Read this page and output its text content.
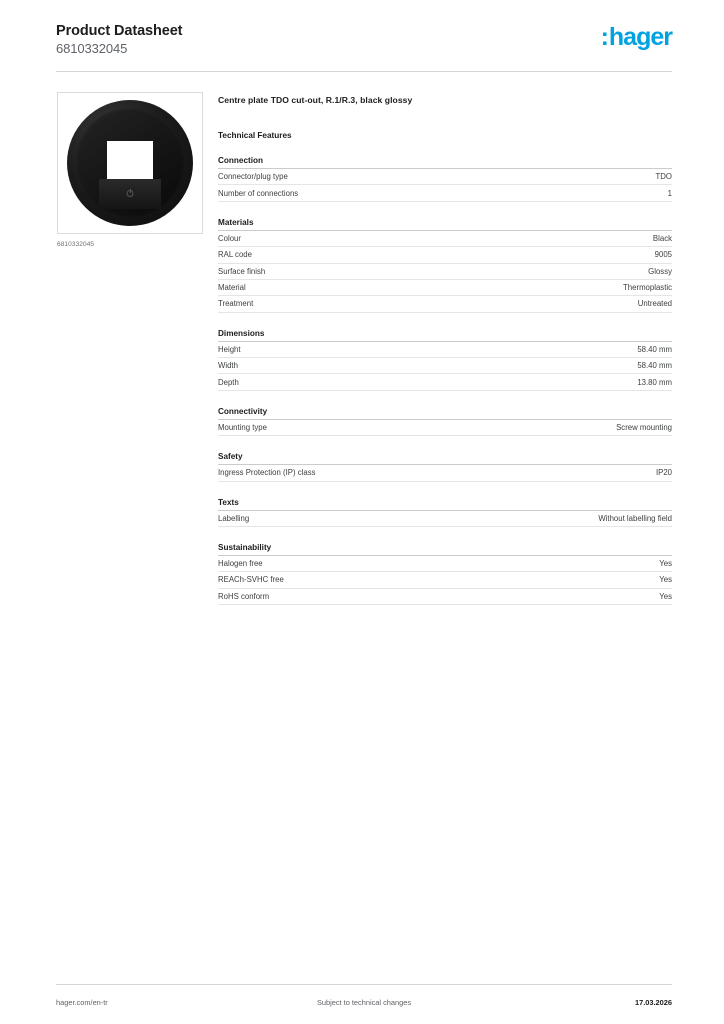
Product Datasheet
6810332045	: hager
6810332045
Centre plate TDO cut-out, R.1/R.3, black glossy
Technical Features
Connection
Connector/plug type	TDO
Number of connections	1
Materials
Colour	Black
RAL code	9005
Surface finish	Glossy
Material	Thermoplastic
Treatment	Untreated
Dimensions
Height	58.40 mm
Width	58.40 mm
Depth	13.80 mm
Connectivity
Mounting type	Screw mounting
Safety
Ingress Protection (IP) class	IP20
Texts
Labelling	Without labelling field
Sustainability
Halogen free	Yes
REACh-SVHC free	Yes
RoHS conform	Yes
hager.com/en-tr	Subject to technical changes	17.03.2026
